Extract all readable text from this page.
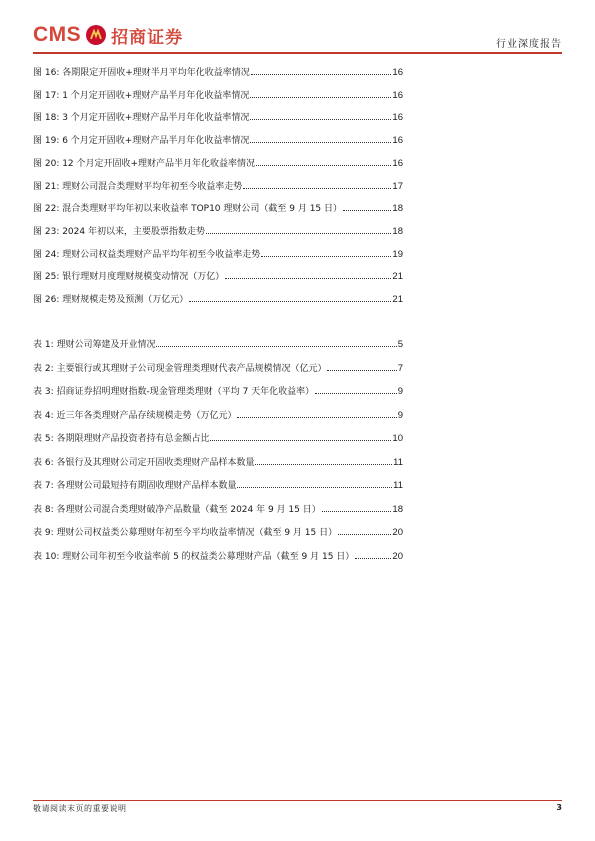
CMS 招商证券	行业深度报告
图 16: 各期限定开固收+理财半月平均年化收益率情况	16
图 17: 1 个月定开固收+理财产品半月年化收益率情况	16
图 18: 3 个月定开固收+理财产品半月年化收益率情况	16
图 19: 6 个月定开固收+理财产品半月年化收益率情况	16
图 20: 12 个月定开固收+理财产品半月年化收益率情况	16
图 21: 理财公司混合类理财平均年初至今收益率走势	17
图 22: 混合类理财平均年初以来收益率 TOP10 理财公司（截至 9 月 15 日）	18
图 23: 2024 年初以来，主要股票指数走势	18
图 24: 理财公司权益类理财产品平均年初至今收益率走势	19
图 25: 银行理财月度理财规模变动情况（万亿）	21
图 26: 理财规模走势及预测（万亿元）	21
表 1: 理财公司筹建及开业情况	5
表 2: 主要银行或其理财子公司现金管理类理财代表产品规模情况（亿元）	7
表 3: 招商证券招明理财指数-现金管理类理财（平均 7 天年化收益率）	9
表 4: 近三年各类理财产品存续规模走势（万亿元）	9
表 5: 各期限理财产品投资者持有总金额占比	10
表 6: 各银行及其理财公司定开固收类理财产品样本数量	11
表 7: 各理财公司最短持有期固收理财产品样本数量	11
表 8: 各理财公司混合类理财破净产品数量（截至 2024 年 9 月 15 日）	18
表 9: 理财公司权益类公募理财年初至今平均收益率情况（截至 9 月 15 日）	20
表 10: 理财公司年初至今收益率前 5 的权益类公募理财产品（截至 9 月 15 日）	20
敬请阅读末页的重要说明	3
